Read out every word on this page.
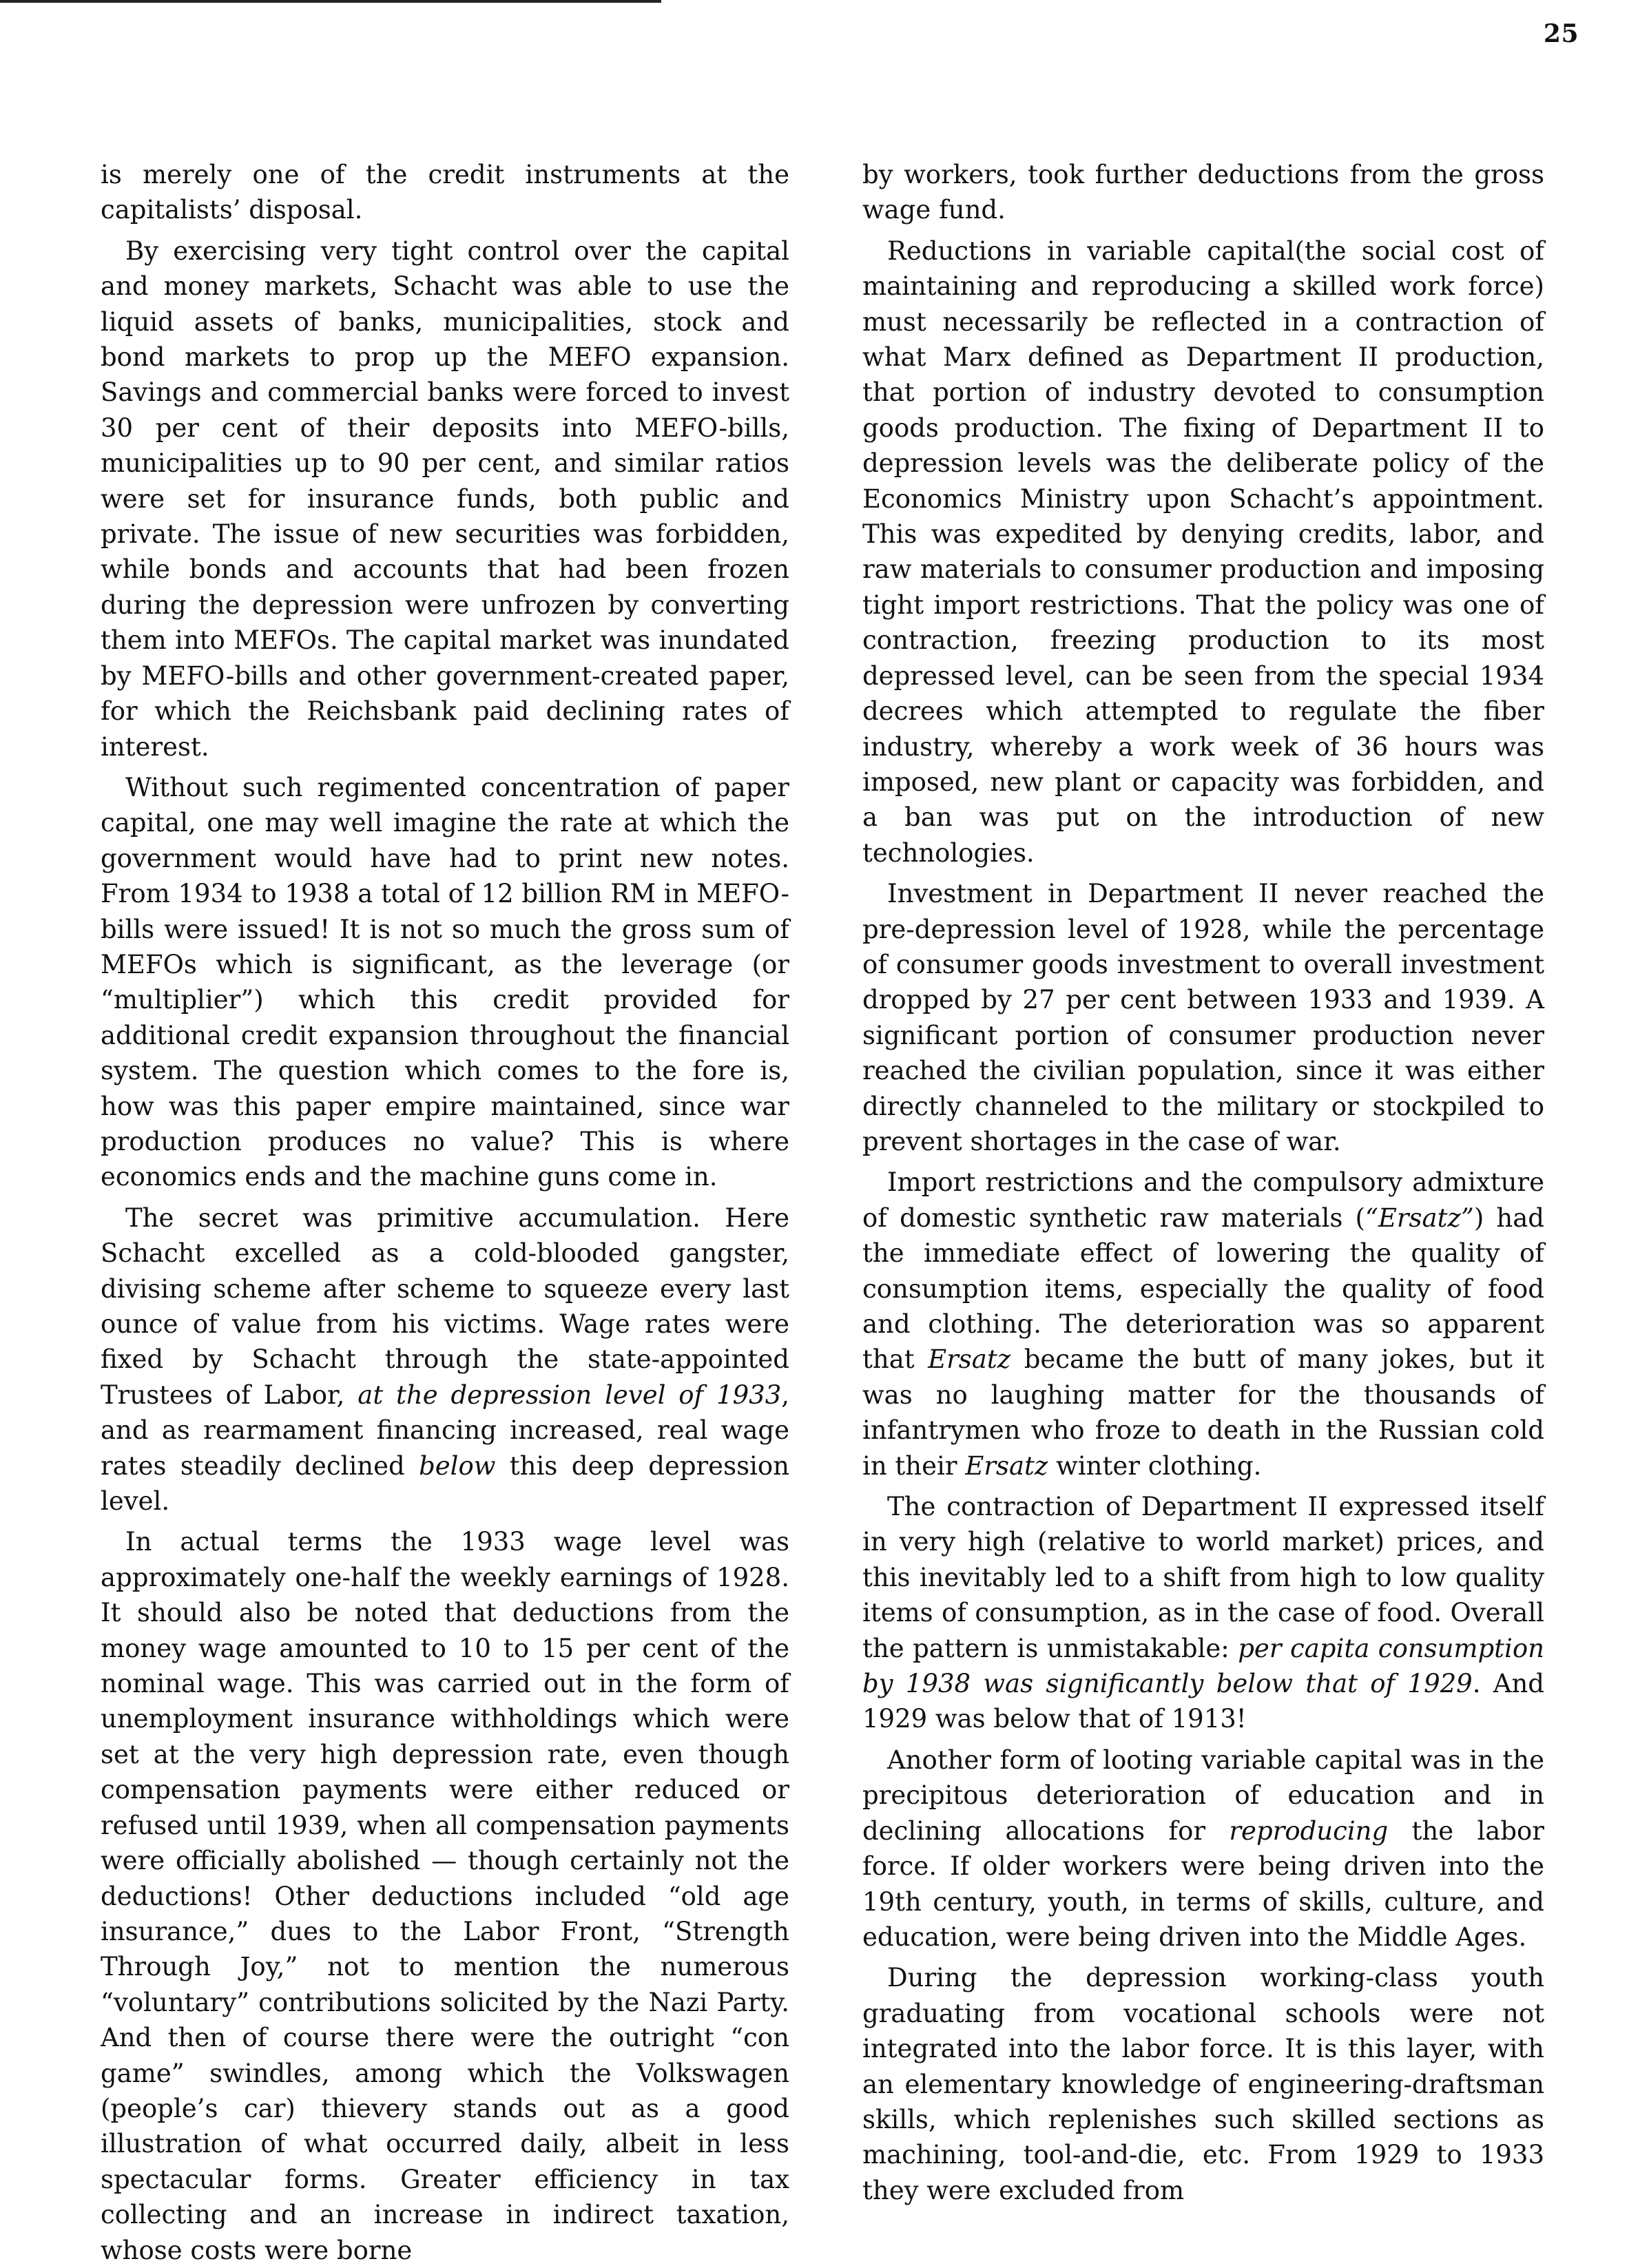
25

is merely one of the credit instruments at the capitalists’ disposal.

By exercising very tight control over the capital and money markets, Schacht was able to use the liquid assets of banks, municipalities, stock and bond markets to prop up the MEFO expansion. Savings and commercial banks were forced to invest 30 per cent of their deposits into MEFO-bills, municipalities up to 90 per cent, and similar ratios were set for insurance funds, both public and private. The issue of new securities was forbidden, while bonds and accounts that had been frozen during the depression were unfrozen by converting them into MEFOs. The capital market was inundated by MEFO-bills and other government-created paper, for which the Reichsbank paid declining rates of interest.

Without such regimented concentration of paper capital, one may well imagine the rate at which the government would have had to print new notes. From 1934 to 1938 a total of 12 billion RM in MEFO-bills were issued! It is not so much the gross sum of MEFOs which is significant, as the leverage (or “multiplier”) which this credit provided for additional credit expansion throughout the financial system. The question which comes to the fore is, how was this paper empire maintained, since war production produces no value? This is where economics ends and the machine guns come in.

The secret was primitive accumulation. Here Schacht excelled as a cold-blooded gangster, divising scheme after scheme to squeeze every last ounce of value from his victims. Wage rates were fixed by Schacht through the state-appointed Trustees of Labor, at the depression level of 1933, and as rearmament financing increased, real wage rates steadily declined below this deep depression level.

In actual terms the 1933 wage level was approximately one-half the weekly earnings of 1928. It should also be noted that deductions from the money wage amounted to 10 to 15 per cent of the nominal wage. This was carried out in the form of unemployment insurance withholdings which were set at the very high depression rate, even though compensation payments were either reduced or refused until 1939, when all compensation payments were officially abolished — though certainly not the deductions! Other deductions included “old age insurance,” dues to the Labor Front, “Strength Through Joy,” not to mention the numerous “voluntary” contributions solicited by the Nazi Party. And then of course there were the outright “con game” swindles, among which the Volkswagen (people’s car) thievery stands out as a good illustration of what occurred daily, albeit in less spectacular forms. Greater efficiency in tax collecting and an increase in indirect taxation, whose costs were borne

by workers, took further deductions from the gross wage fund.

Reductions in variable capital(the social cost of maintaining and reproducing a skilled work force) must necessarily be reflected in a contraction of what Marx defined as Department II production, that portion of industry devoted to consumption goods production. The fixing of Department II to depression levels was the deliberate policy of the Economics Ministry upon Schacht’s appointment. This was expedited by denying credits, labor, and raw materials to consumer production and imposing tight import restrictions. That the policy was one of contraction, freezing production to its most depressed level, can be seen from the special 1934 decrees which attempted to regulate the fiber industry, whereby a work week of 36 hours was imposed, new plant or capacity was forbidden, and a ban was put on the introduction of new technologies.

Investment in Department II never reached the pre-depression level of 1928, while the percentage of consumer goods investment to overall investment dropped by 27 per cent between 1933 and 1939. A significant portion of consumer production never reached the civilian population, since it was either directly channeled to the military or stockpiled to prevent shortages in the case of war.

Import restrictions and the compulsory admixture of domestic synthetic raw materials (“Ersatz”) had the immediate effect of lowering the quality of consumption items, especially the quality of food and clothing. The deterioration was so apparent that Ersatz became the butt of many jokes, but it was no laughing matter for the thousands of infantrymen who froze to death in the Russian cold in their Ersatz winter clothing.

The contraction of Department II expressed itself in very high (relative to world market) prices, and this inevitably led to a shift from high to low quality items of consumption, as in the case of food. Overall the pattern is unmistakable: per capita consumption by 1938 was significantly below that of 1929. And 1929 was below that of 1913!

Another form of looting variable capital was in the precipitous deterioration of education and in declining allocations for reproducing the labor force. If older workers were being driven into the 19th century, youth, in terms of skills, culture, and education, were being driven into the Middle Ages.

During the depression working-class youth graduating from vocational schools were not integrated into the labor force. It is this layer, with an elementary knowledge of engineering-draftsman skills, which replenishes such skilled sections as machining, tool-and-die, etc. From 1929 to 1933 they were excluded from
